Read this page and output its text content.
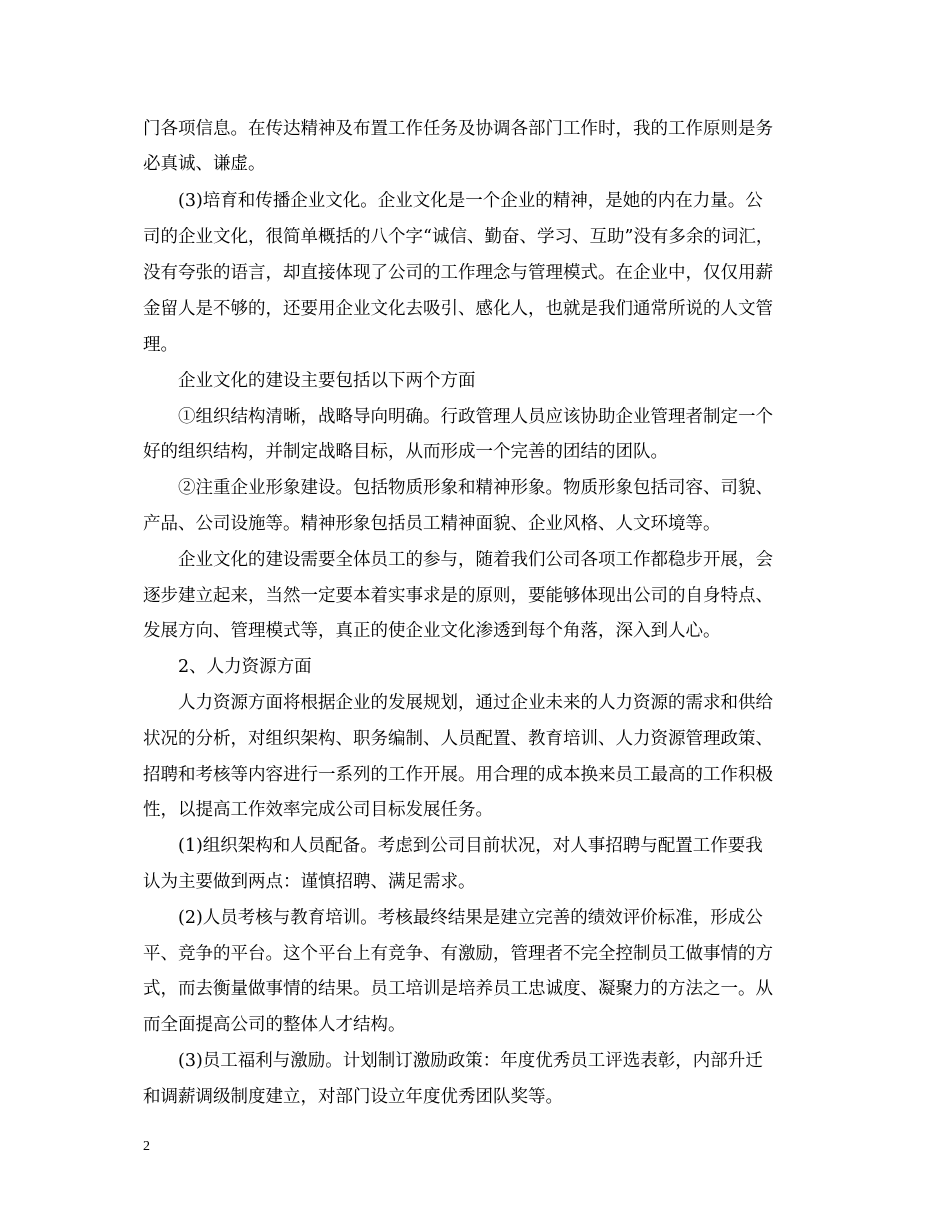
门各项信息。在传达精神及布置工作任务及协调各部门工作时，我的工作原则是务
必真诚、谦虚。
　　(3)培育和传播企业文化。企业文化是一个企业的精神，是她的内在力量。公
司的企业文化，很简单概括的八个字“诚信、勤奋、学习、互助”没有多余的词汇，
没有夸张的语言，却直接体现了公司的工作理念与管理模式。在企业中，仅仅用薪
金留人是不够的，还要用企业文化去吸引、感化人，也就是我们通常所说的人文管
理。
　　企业文化的建设主要包括以下两个方面
　　①组织结构清晰，战略导向明确。行政管理人员应该协助企业管理者制定一个
好的组织结构，并制定战略目标，从而形成一个完善的团结的团队。
　　②注重企业形象建设。包括物质形象和精神形象。物质形象包括司容、司貌、
产品、公司设施等。精神形象包括员工精神面貌、企业风格、人文环境等。
　　企业文化的建设需要全体员工的参与，随着我们公司各项工作都稳步开展，会
逐步建立起来，当然一定要本着实事求是的原则，要能够体现出公司的自身特点、
发展方向、管理模式等，真正的使企业文化渗透到每个角落，深入到人心。
　　2、人力资源方面
　　人力资源方面将根据企业的发展规划，通过企业未来的人力资源的需求和供给
状况的分析，对组织架构、职务编制、人员配置、教育培训、人力资源管理政策、
招聘和考核等内容进行一系列的工作开展。用合理的成本换来员工最高的工作积极
性，以提高工作效率完成公司目标发展任务。
　　(1)组织架构和人员配备。考虑到公司目前状况，对人事招聘与配置工作要我
认为主要做到两点：谨慎招聘、满足需求。
　　(2)人员考核与教育培训。考核最终结果是建立完善的绩效评价标准，形成公
平、竞争的平台。这个平台上有竞争、有激励，管理者不完全控制员工做事情的方
式，而去衡量做事情的结果。员工培训是培养员工忠诚度、凝聚力的方法之一。从
而全面提高公司的整体人才结构。
　　(3)员工福利与激励。计划制订激励政策：年度优秀员工评选表彰，内部升迁
和调薪调级制度建立，对部门设立年度优秀团队奖等。
2
